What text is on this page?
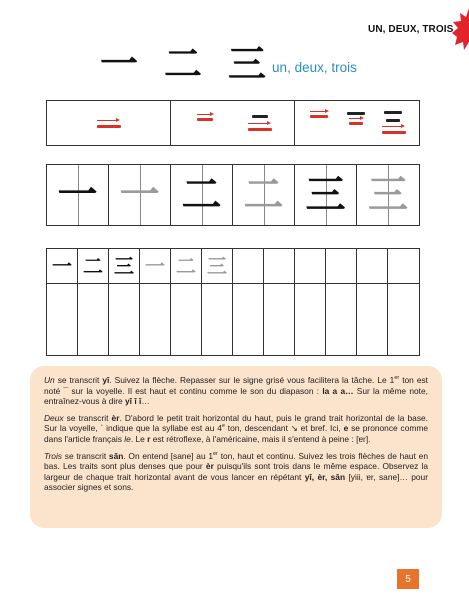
UN, DEUX, TROIS
一 二 三 un, deux, trois
一 一 二 二 三 三
一 二 三 一 二 三

Un se transcrit yī. Suivez la flèche. Repasser sur le signe grisé vous facilitera la tâche. Le 1er ton est noté ¯ sur la voyelle. Il est haut et continu comme le son du diapason : la a a… Sur la même note, entraînez-vous à dire yī ī ī…

Deux se transcrit èr. D'abord le petit trait horizontal du haut, puis le grand trait horizontal de la base. Sur la voyelle, ` indique que la syllabe est au 4e ton, descendant ↘ et bref. Ici, e se prononce comme dans l'article français le. Le r est rétroflexe, à l'américaine, mais il s'entend à peine : [ɐr].

Trois se transcrit sān. On entend [sane] au 1er ton, haut et continu. Suivez les trois flèches de haut en bas. Les traits sont plus denses que pour èr puisqu'ils sont trois dans le même espace. Observez la largeur de chaque trait horizontal avant de vous lancer en répétant yī, èr, sān [yiii, ɐr, sane]… pour associer signes et sons.

5
